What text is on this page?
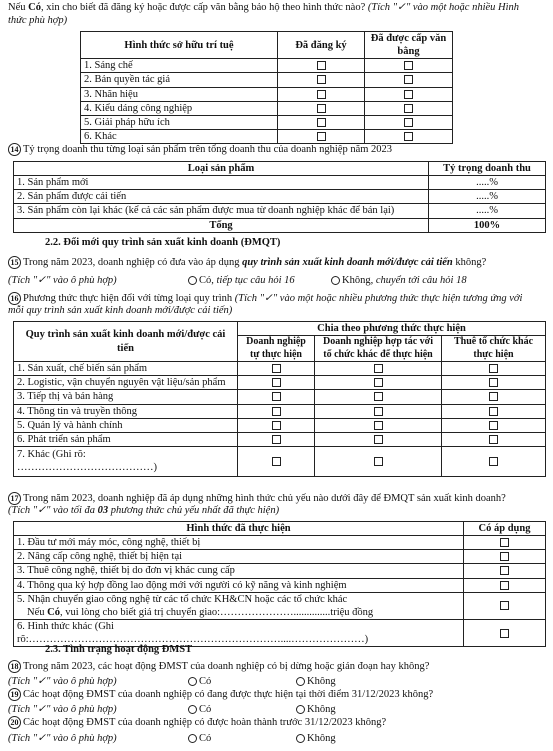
Nếu Có, xin cho biết đã đăng ký hoặc được cấp văn bằng bảo hộ theo hình thức nào? (Tích "✓" vào một hoặc nhiều Hình
thức phù hợp)
Hình thức sở hữu trí tuệ	Đã đăng ký	Đã được cấp văn bằng
1. Sáng chế		
2. Bản quyền tác giả		
3. Nhãn hiệu		
4. Kiểu dáng công nghiệp		
5. Giải pháp hữu ích		
6. Khác		
14 Tỷ trọng doanh thu từng loại sản phẩm trên tổng doanh thu của doanh nghiệp năm 2023
Loại sản phẩm	Tỷ trọng doanh thu
1. Sản phẩm mới	.....%
2. Sản phẩm được cải tiến	.....%
3. Sản phẩm còn lại khác (kể cả các sản phẩm được mua từ doanh nghiệp khác để bán lại)	.....%
Tổng	100%
2.2. Đổi mới quy trình sản xuất kinh doanh (ĐMQT)
15 Trong năm 2023, doanh nghiệp có đưa vào áp dụng quy trình sản xuất kinh doanh mới/được cải tiến không?
(Tích "✓" vào ô phù hợp)	Có, tiếp tục câu hỏi 16	Không, chuyển tới câu hỏi 18
16 Phương thức thực hiện đổi với từng loại quy trình (Tích "✓" vào một hoặc nhiều phương thức thực hiện tương ứng với
mỗi quy trình sản xuất kinh doanh mới/được cải tiến)
Quy trình sản xuất kinh doanh mới/được cải tiến	Chia theo phương thức thực hiện		
	Doanh nghiệp tự thực hiện	Doanh nghiệp hợp tác với tổ chức khác để thực hiện	Thuê tổ chức khác thực hiện
1. Sản xuất, chế biến sản phẩm			
2. Logistic, vận chuyển nguyên vật liệu/sản phẩm			
3. Tiếp thị và bán hàng			
4. Thông tin và truyền thông			
5. Quản lý và hành chính			
6. Phát triển sản phẩm			

7. Khác (Ghi rõ:
…………………………………)			

17 Trong năm 2023, doanh nghiệp đã áp dụng những hình thức chủ yếu nào dưới đây để ĐMQT sản xuất kinh doanh?
(Tích "✓" vào tối đa 03 phương thức chủ yếu nhất đã thực hiện)
Hình thức đã thực hiện	Có áp dụng
1. Đầu tư mới máy móc, công nghệ, thiết bị	
2. Nâng cấp công nghệ, thiết bị hiện tại	
3. Thuê công nghệ, thiết bị do đơn vị khác cung cấp	
4. Thông qua ký hợp đồng lao động mới với người có kỹ năng và kinh nghiệm	

5. Nhận chuyển giao công nghệ từ các tổ chức KH&CN hoặc các tổ chức khác
Nếu Có, vui lòng cho biết giá trị chuyển giao:…………………..............triệu đồng	

6. Hình thức khác (Ghi rõ:………………………………………………………………....…………………)	
2.3. Tình trạng hoạt động ĐMST
18 Trong năm 2023, các hoạt động ĐMST của doanh nghiệp có bị dừng hoặc gián đoạn hay không?
(Tích "✓" vào ô phù hợp)	Có	Không
19 Các hoạt động ĐMST của doanh nghiệp có đang được thực hiện tại thời điểm 31/12/2023 không?
(Tích "✓" vào ô phù hợp)	Có	Không
20 Các hoạt động ĐMST của doanh nghiệp có được hoàn thành trước 31/12/2023 không?
(Tích "✓" vào ô phù hợp)	Có	Không
